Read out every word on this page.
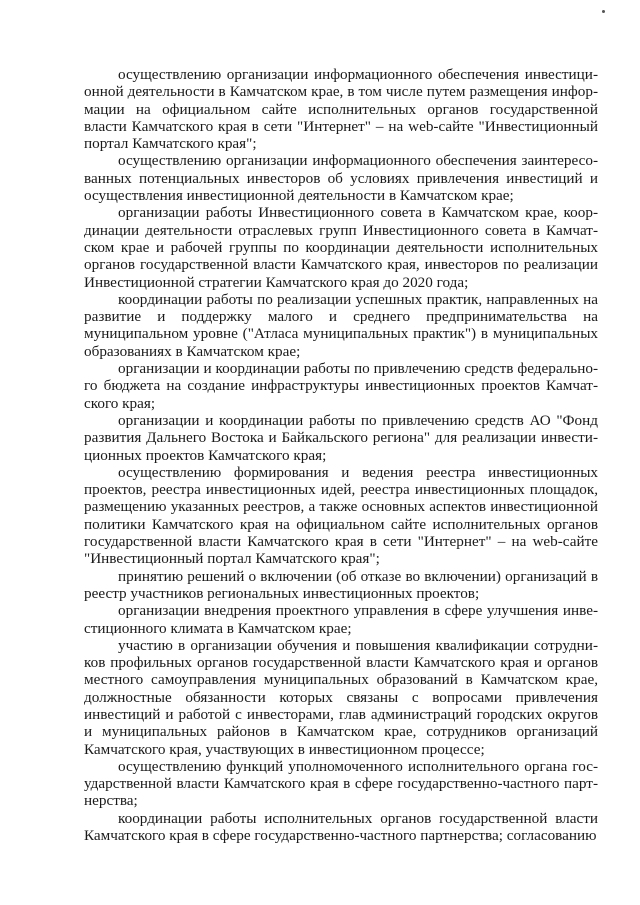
осуществлению организации информационного обеспечения инвестиционной деятельности в Камчатском крае, в том числе путем размещения информации на официальном сайте исполнительных органов государственной власти Камчатского края в сети "Интернет" – на web-сайте "Инвестиционный портал Камчатского края";

осуществлению организации информационного обеспечения заинтересованных потенциальных инвесторов об условиях привлечения инвестиций и осуществления инвестиционной деятельности в Камчатском крае;

организации работы Инвестиционного совета в Камчатском крае, координации деятельности отраслевых групп Инвестиционного совета в Камчатском крае и рабочей группы по координации деятельности исполнительных органов государственной власти Камчатского края, инвесторов по реализации Инвестиционной стратегии Камчатского края до 2020 года;

координации работы по реализации успешных практик, направленных на развитие и поддержку малого и среднего предпринимательства на муниципальном уровне ("Атласа муниципальных практик") в муниципальных образованиях в Камчатском крае;

организации и координации работы по привлечению средств федерального бюджета на создание инфраструктуры инвестиционных проектов Камчатского края;

организации и координации работы по привлечению средств АО "Фонд развития Дальнего Востока и Байкальского региона" для реализации инвестиционных проектов Камчатского края;

осуществлению формирования и ведения реестра инвестиционных проектов, реестра инвестиционных идей, реестра инвестиционных площадок, размещению указанных реестров, а также основных аспектов инвестиционной политики Камчатского края на официальном сайте исполнительных органов государственной власти Камчатского края в сети "Интернет" – на web-сайте "Инвестиционный портал Камчатского края";

принятию решений о включении (об отказе во включении) организаций в реестр участников региональных инвестиционных проектов;

организации внедрения проектного управления в сфере улучшения инвестиционного климата в Камчатском крае;

участию в организации обучения и повышения квалификации сотрудников профильных органов государственной власти Камчатского края и органов местного самоуправления муниципальных образований в Камчатском крае, должностные обязанности которых связаны с вопросами привлечения инвестиций и работой с инвесторами, глав администраций городских округов и муниципальных районов в Камчатском крае, сотрудников организаций Камчатского края, участвующих в инвестиционном процессе;

осуществлению функций уполномоченного исполнительного органа государственной власти Камчатского края в сфере государственно-частного партнерства;

координации работы исполнительных органов государственной власти Камчатского края в сфере государственно-частного партнерства; согласованию
